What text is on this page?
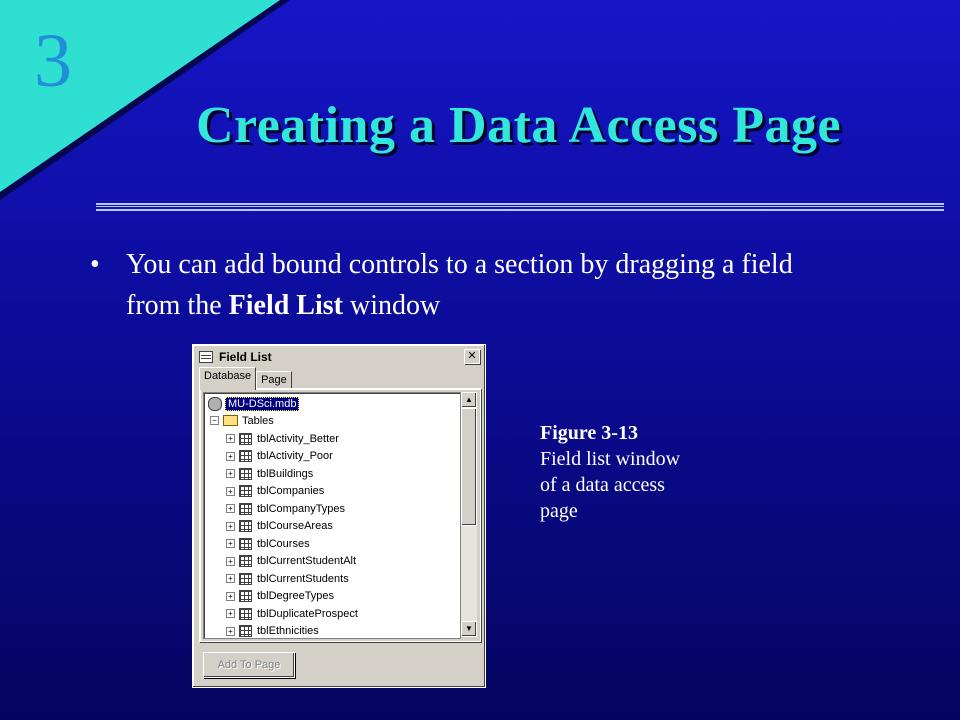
3
Creating a Data Access Page
• You can add bound controls to a section by dragging a field from the Field List window
Field List	✕
Database Page
MU-DSci.mdb
− Tables
+ tblActivity_Better
+ tblActivity_Poor
+ tblBuildings
+ tblCompanies
+ tblCompanyTypes
+ tblCourseAreas
+ tblCourses
+ tblCurrentStudentAlt
+ tblCurrentStudents
+ tblDegreeTypes
+ tblDuplicateProspect
+ tblEthnicities
▲
▼
Add To Page
Figure 3-13
Field list window
of a data access
page
